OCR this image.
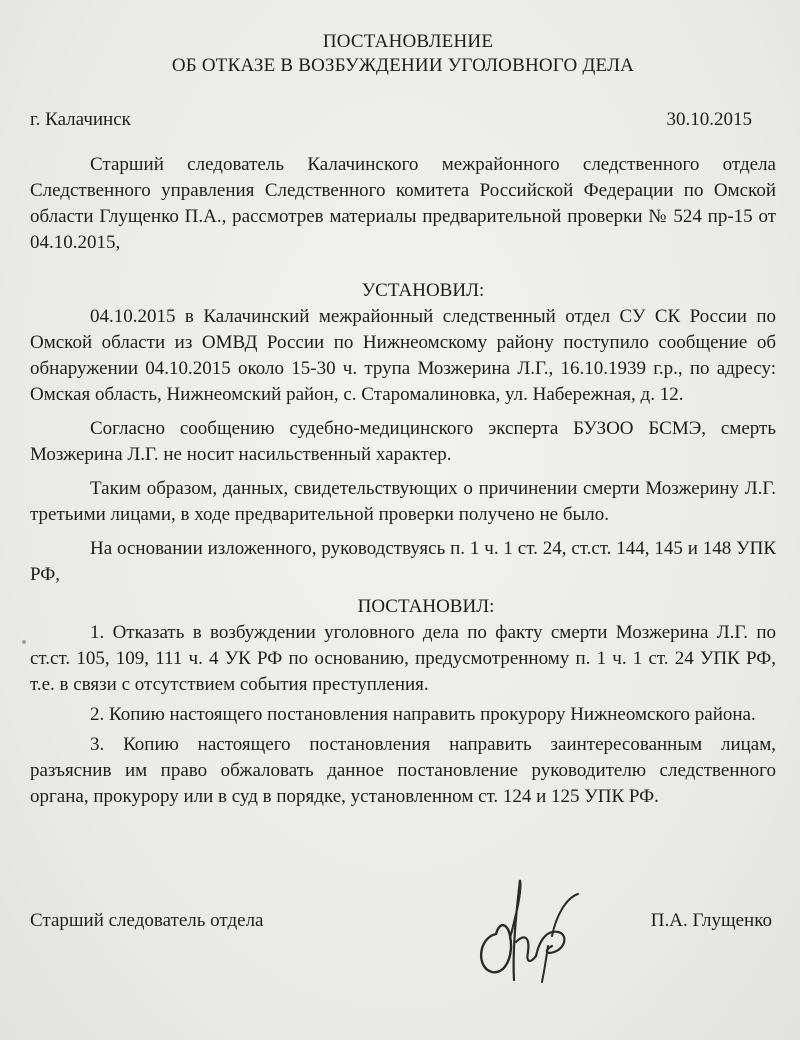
ПОСТАНОВЛЕНИЕ
ОБ ОТКАЗЕ В ВОЗБУЖДЕНИИ УГОЛОВНОГО ДЕЛА
г. Калачинск	30.10.2015

Старший следователь Калачинского межрайонного следственного отдела Следственного управления Следственного комитета Российской Федерации по Омской области Глущенко П.А., рассмотрев материалы предварительной проверки № 524 пр-15 от 04.10.2015,

УСТАНОВИЛ:

04.10.2015 в Калачинский межрайонный следственный отдел СУ СК России по Омской области из ОМВД России по Нижнеомскому району поступило сообщение об обнаружении 04.10.2015 около 15-30 ч. трупа Мозжерина Л.Г., 16.10.1939 г.р., по адресу: Омская область, Нижнеомский район, с. Старомалиновка, ул. Набережная, д. 12.

Согласно сообщению судебно-медицинского эксперта БУЗОО БСМЭ, смерть Мозжерина Л.Г. не носит насильственный характер.

Таким образом, данных, свидетельствующих о причинении смерти Мозжерину Л.Г. третьими лицами, в ходе предварительной проверки получено не было.

На основании изложенного, руководствуясь п. 1 ч. 1 ст. 24, ст.ст. 144, 145 и 148 УПК РФ,

ПОСТАНОВИЛ:

1. Отказать в возбуждении уголовного дела по факту смерти Мозжерина Л.Г. по ст.ст. 105, 109, 111 ч. 4 УК РФ по основанию, предусмотренному п. 1 ч. 1 ст. 24 УПК РФ, т.е. в связи с отсутствием события преступления.

2. Копию настоящего постановления направить прокурору Нижнеомского района.

3. Копию настоящего постановления направить заинтересованным лицам, разъяснив им право обжаловать данное постановление руководителю следственного органа, прокурору или в суд в порядке, установленном ст. 124 и 125 УПК РФ.

Старший следователь отдела	П.А. Глущенко
